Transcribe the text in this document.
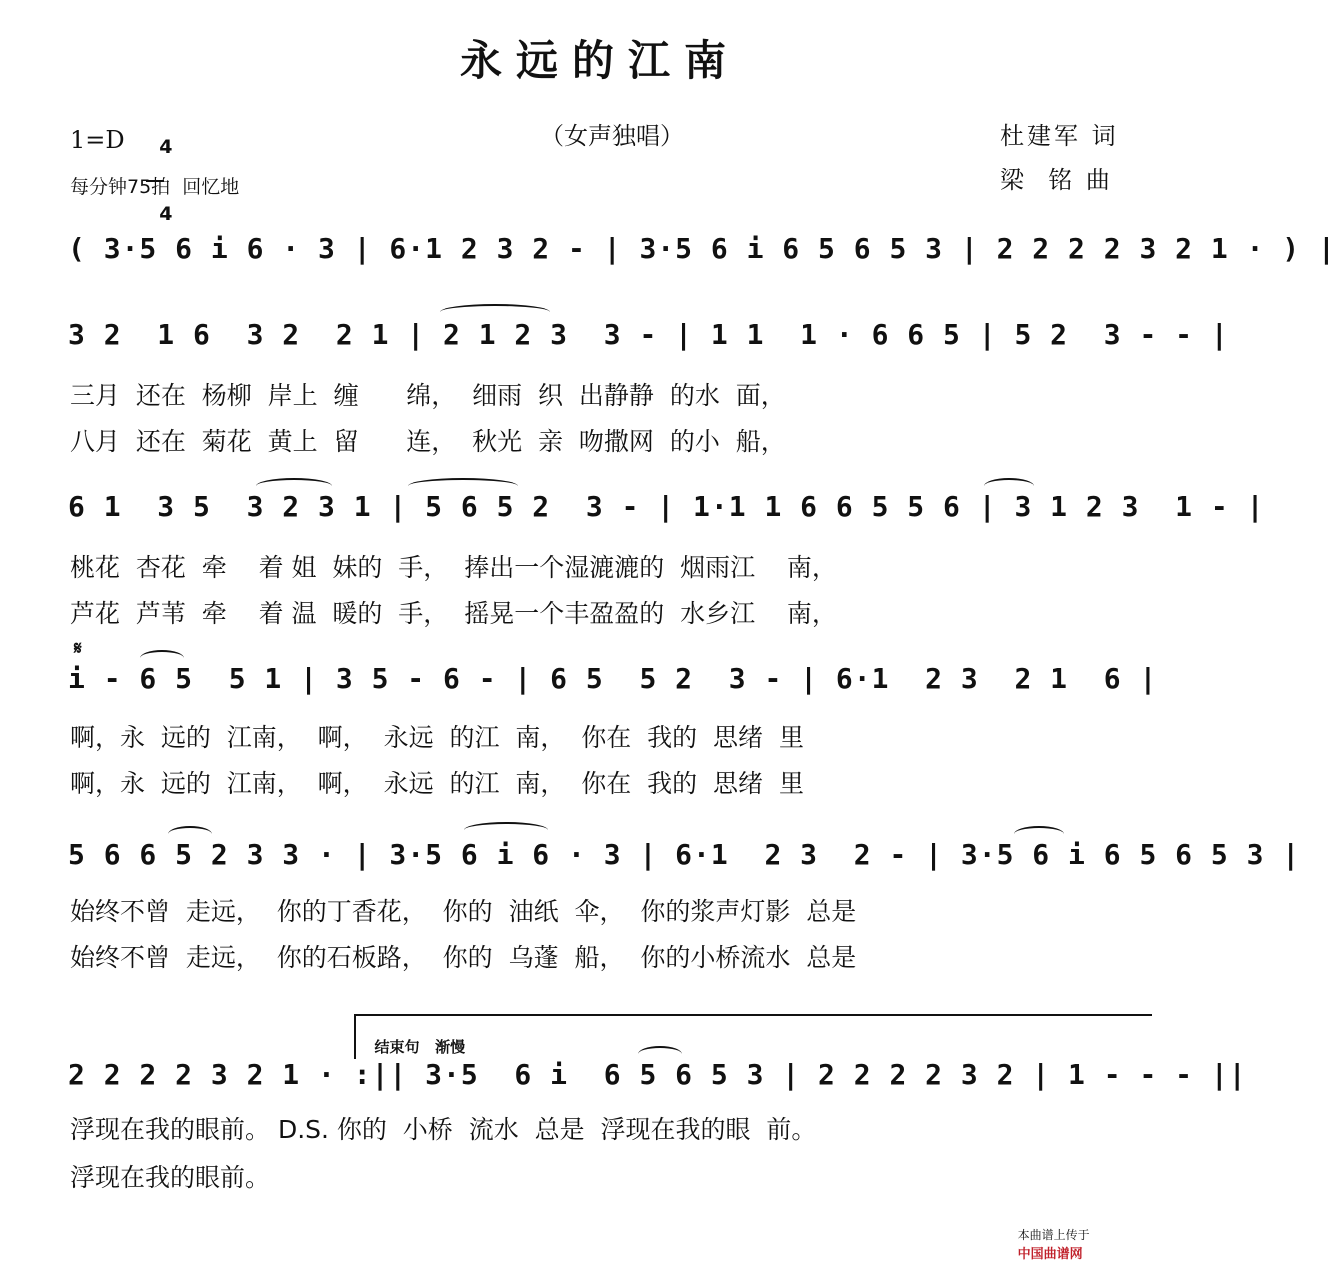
永远的江南
1=D	4

4

每分钟75拍  回忆地
（女声独唱）	杜建军 词
梁  铭 曲
( 3·5 6 i 6 · 3 | 6·1 2 3 2 - | 3·5 6 i 6 5 6 5 3 | 2 2 2 2 3 2 1 · ) |
3 2  1 6  3 2  2 1 | 2 1 2 3  3 - | 1 1  1 · 6 6 5 | 5 2  3 - - |
三月  还在  杨柳  岸上  缠      绵，  细雨  织  出静静  的水  面，
八月  还在  菊花  黄上  留      连，  秋光  亲  吻撒网  的小  船，
6 1  3 5  3 2 3 1 | 5 6 5 2  3 - | 1·1 1 6 6 5 5 6 | 3 1 2 3  1 - |
桃花  杏花  牵    着 姐  妹的  手，  捧出一个湿漉漉的  烟雨江    南，
芦花  芦苇  牵    着 温  暖的  手，  摇晃一个丰盈盈的  水乡江    南，
𝄋
i - 6 5  5 1 | 3 5 - 6 - | 6 5  5 2  3 - | 6·1  2 3  2 1  6 |
啊，永  远的  江南，  啊，  永远  的江  南，  你在  我的  思绪  里
啊，永  远的  江南，  啊，  永远  的江  南，  你在  我的  思绪  里
5 6 6 5 2 3 3 · | 3·5 6 i 6 · 3 | 6·1  2 3  2 - | 3·5 6 i 6 5 6 5 3 |
始终不曾  走远，  你的丁香花，  你的  油纸  伞，  你的浆声灯影  总是
始终不曾  走远，  你的石板路，  你的  乌蓬  船，  你的小桥流水  总是

结束句   渐慢

2 2 2 2 3 2 1 · :|| 3·5  6 i  6 5 6 5 3 | 2 2 2 2 3 2 | 1 - - - ||
浮现在我的眼前。 D.S. 你的  小桥  流水  总是  浮现在我的眼  前。
浮现在我的眼前。

本曲谱上传于
中国曲谱网
